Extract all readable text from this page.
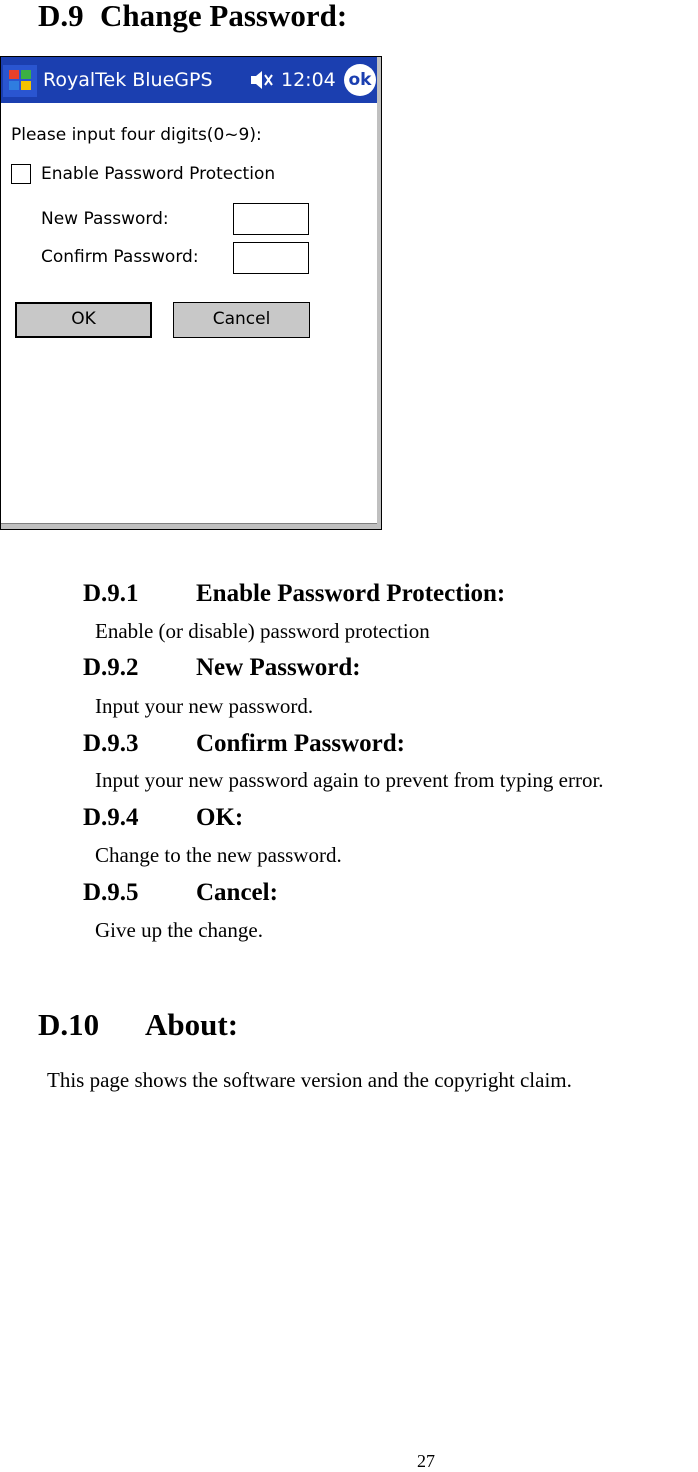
D.9 Change Password:
RoyalTek BlueGPS	12:04 ok
Please input four digits(0~9):
Enable Password Protection
New Password:
Confirm Password:
OK	Cancel
D.9.1 Enable Password Protection:
Enable (or disable) password protection
D.9.2 New Password:
Input your new password.
D.9.3 Confirm Password:
Input your new password again to prevent from typing error.
D.9.4 OK:
Change to the new password.
D.9.5 Cancel:
Give up the change.
D.10 About:

This page shows the software version and the copyright claim.

27
